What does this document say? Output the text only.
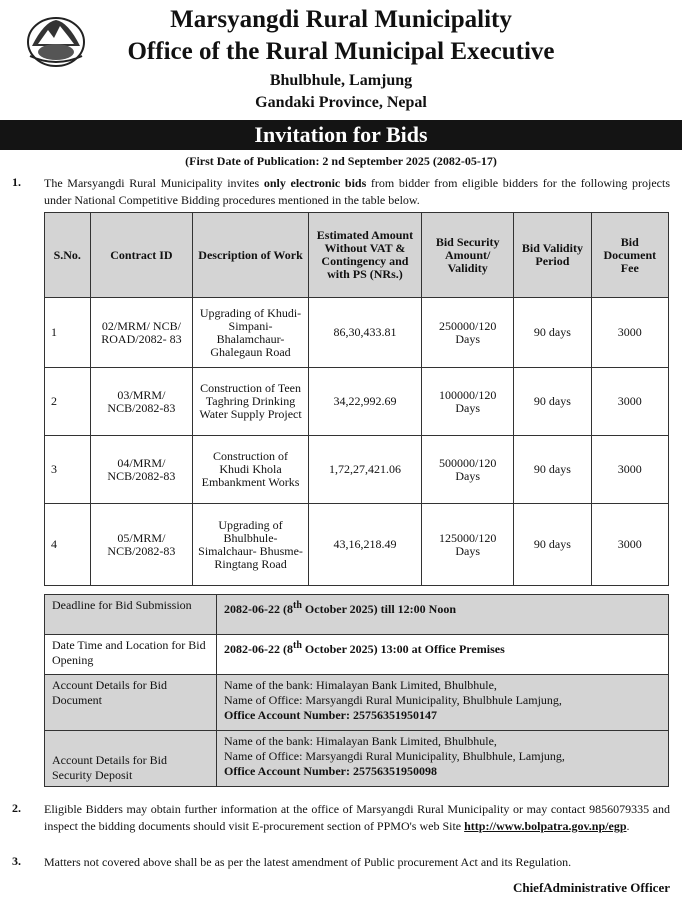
Marsyangdi Rural Municipality
Office of the Rural Municipal Executive
Bhulbhule, Lamjung
Gandaki Province, Nepal
Invitation for Bids
(First Date of Publication: 2 nd September 2025 (2082-05-17)
1. The Marsyangdi Rural Municipality invites only electronic bids from bidder from eligible bidders for the following projects under National Competitive Bidding procedures mentioned in the table below.
S.No.	Contract ID	Description of Work	Estimated Amount Without VAT & Contingency and with PS (NRs.)	Bid Security Amount/ Validity	Bid Validity Period	Bid Document Fee
1	02/MRM/ NCB/ ROAD/2082- 83	Upgrading of Khudi-Simpani- Bhalamchaur- Ghalegaun Road	86,30,433.81	250000/120 Days	90 days	3000
2	03/MRM/ NCB/2082-83	Construction of Teen Taghring Drinking Water Supply Project	34,22,992.69	100000/120 Days	90 days	3000
3	04/MRM/ NCB/2082-83	Construction of Khudi Khola Embankment Works	1,72,27,421.06	500000/120 Days	90 days	3000
4	05/MRM/ NCB/2082-83	Upgrading of Bhulbhule- Simalchaur- Bhusme- Ringtang Road	43,16,218.49	125000/120 Days	90 days	3000
Deadline for Bid Submission	2082-06-22 (8th October 2025) till 12:00 Noon
Date Time and Location for Bid Opening	2082-06-22 (8th October 2025) 13:00 at Office Premises
Account Details for Bid Document	Name of the bank: Himalayan Bank Limited, Bhulbhule,
Name of Office: Marsyangdi Rural Municipality, Bhulbhule Lamjung,
Office Account Number: 25756351950147

Account Details for Bid Security Deposit	Name of the bank: Himalayan Bank Limited, Bhulbhule,
Name of Office: Marsyangdi Rural Municipality, Bhulbhule, Lamjung,
Office Account Number: 25756351950098
2. Eligible Bidders may obtain further information at the office of Marsyangdi Rural Municipality or may contact 9856079335 and inspect the bidding documents should visit E-procurement section of PPMO's web Site http://www.bolpatra.gov.np/egp.
3. Matters not covered above shall be as per the latest amendment of Public procurement Act and its Regulation.
ChiefAdministrative Officer
